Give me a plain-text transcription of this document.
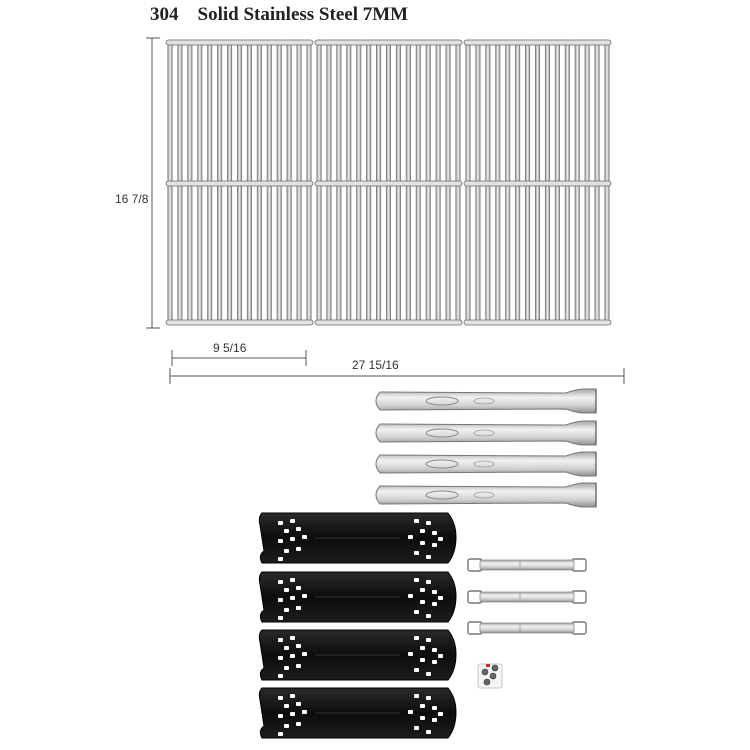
304    Solid Stainless Steel 7MM
16 7/8
9 5/16
27 15/16
